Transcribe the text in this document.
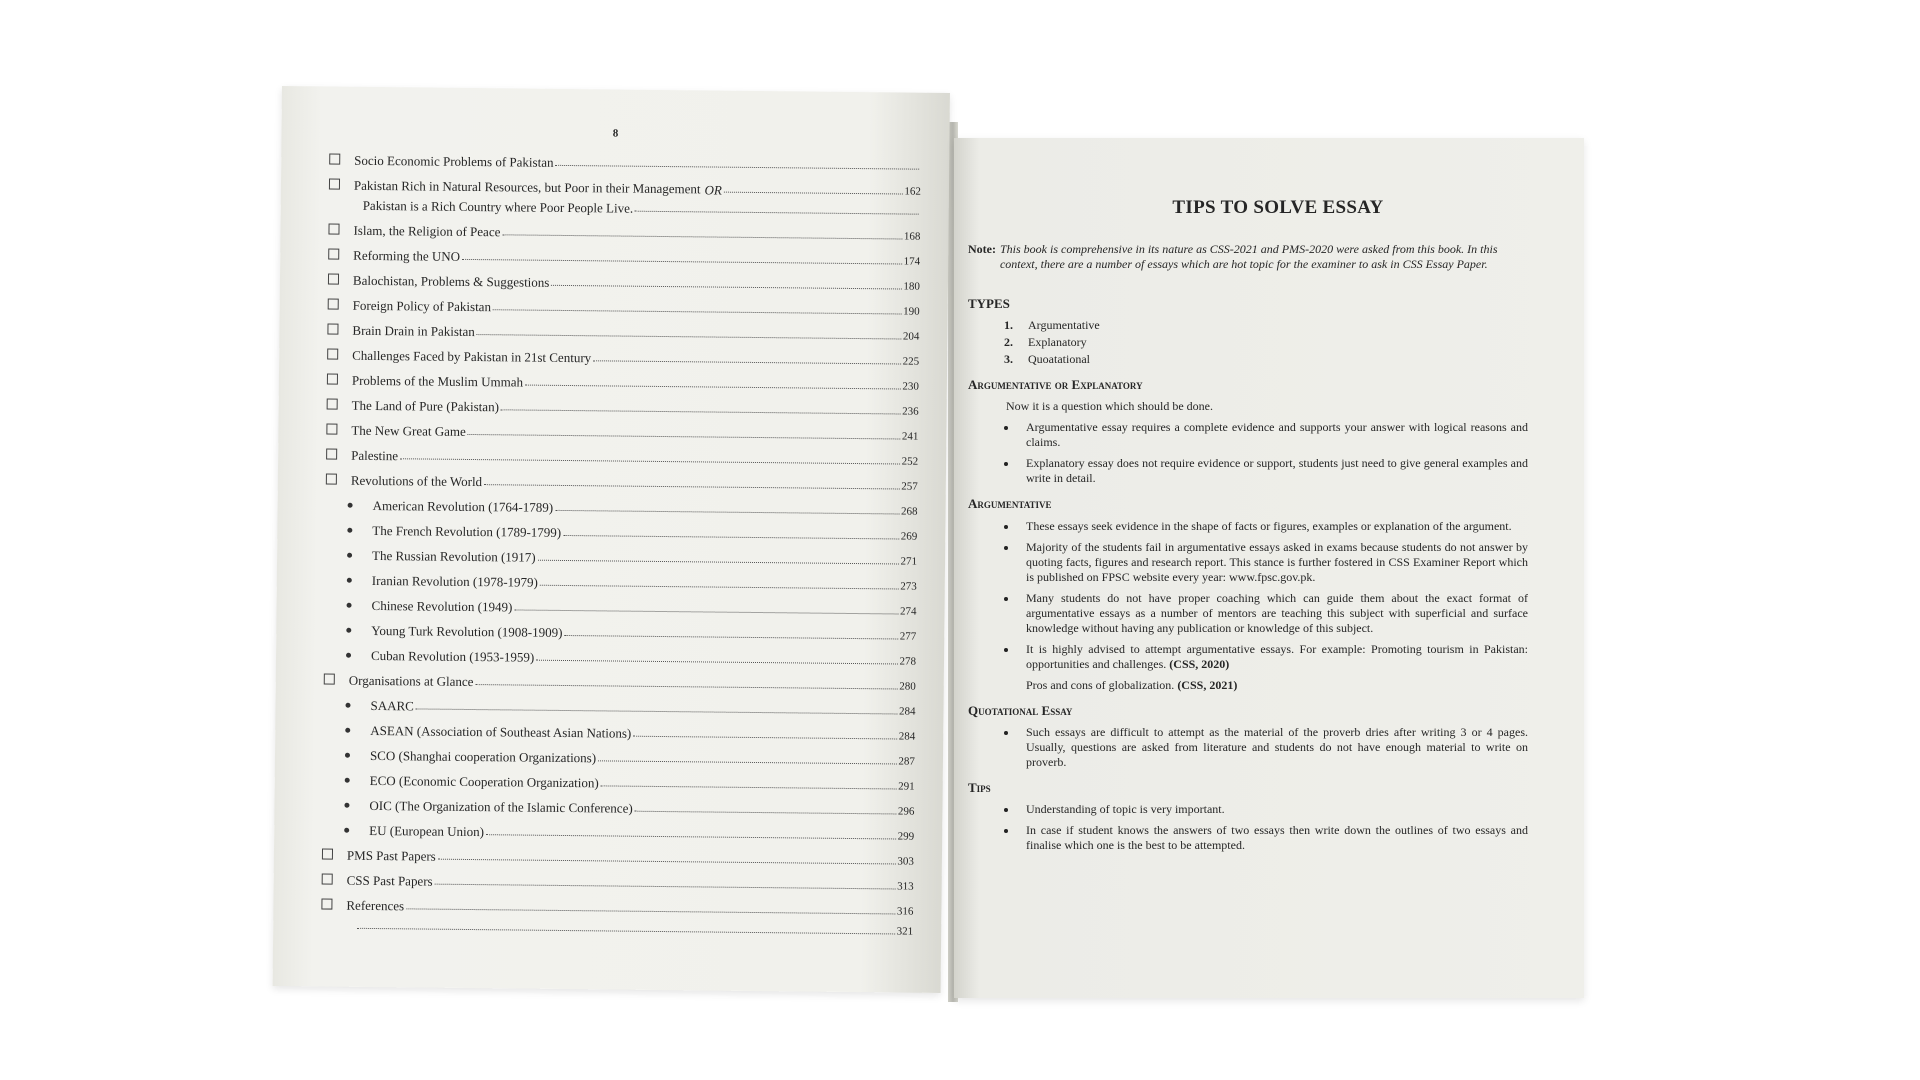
8
Socio Economic Problems of Pakistan
Pakistan Rich in Natural Resources, but Poor in their Management OR	162
Pakistan is a Rich Country where Poor People Live.
Islam, the Religion of Peace	168
Reforming the UNO	174
Balochistan, Problems & Suggestions	180
Foreign Policy of Pakistan	190
Brain Drain in Pakistan	204
Challenges Faced by Pakistan in 21st Century	225
Problems of the Muslim Ummah	230
The Land of Pure (Pakistan)	236
The New Great Game	241
Palestine	252
Revolutions of the World	257
American Revolution (1764-1789)	268
The French Revolution (1789-1799)	269
The Russian Revolution (1917)	271
Iranian Revolution (1978-1979)	273
Chinese Revolution (1949)	274
Young Turk Revolution (1908-1909)	277
Cuban Revolution (1953-1959)	278
Organisations at Glance	280
SAARC	284
ASEAN (Association of Southeast Asian Nations)	284
SCO (Shanghai cooperation Organizations)	287
ECO (Economic Cooperation Organization)	291
OIC (The Organization of the Islamic Conference)	296
EU (European Union)	299
PMS Past Papers	303
CSS Past Papers	313
References	316
321
TIPS TO SOLVE ESSAY
Note: This book is comprehensive in its nature as CSS-2021 and PMS-2020 were asked from this book. In this context, there are a number of essays which are hot topic for the examiner to ask in CSS Essay Paper.
TYPES
1.	Argumentative
2.	Explanatory
3.	Quoatational
Argumentative or Explanatory
Now it is a question which should be done.
Argumentative essay requires a complete evidence and supports your answer with logical reasons and claims.
Explanatory essay does not require evidence or support, students just need to give general examples and write in detail.
Argumentative
These essays seek evidence in the shape of facts or figures, examples or explanation of the argument.
Majority of the students fail in argumentative essays asked in exams because students do not answer by quoting facts, figures and research report. This stance is further fostered in CSS Examiner Report which is published on FPSC website every year: www.fpsc.gov.pk.
Many students do not have proper coaching which can guide them about the exact format of argumentative essays as a number of mentors are teaching this subject with superficial and surface knowledge without having any publication or knowledge of this subject.
It is highly advised to attempt argumentative essays. For example: Promoting tourism in Pakistan: opportunities and challenges. (CSS, 2020)
Pros and cons of globalization. (CSS, 2021)
Quotational Essay
Such essays are difficult to attempt as the material of the proverb dries after writing 3 or 4 pages. Usually, questions are asked from literature and students do not have enough material to write on proverb.
Tips
Understanding of topic is very important.
In case if student knows the answers of two essays then write down the outlines of two essays and finalise which one is the best to be attempted.
